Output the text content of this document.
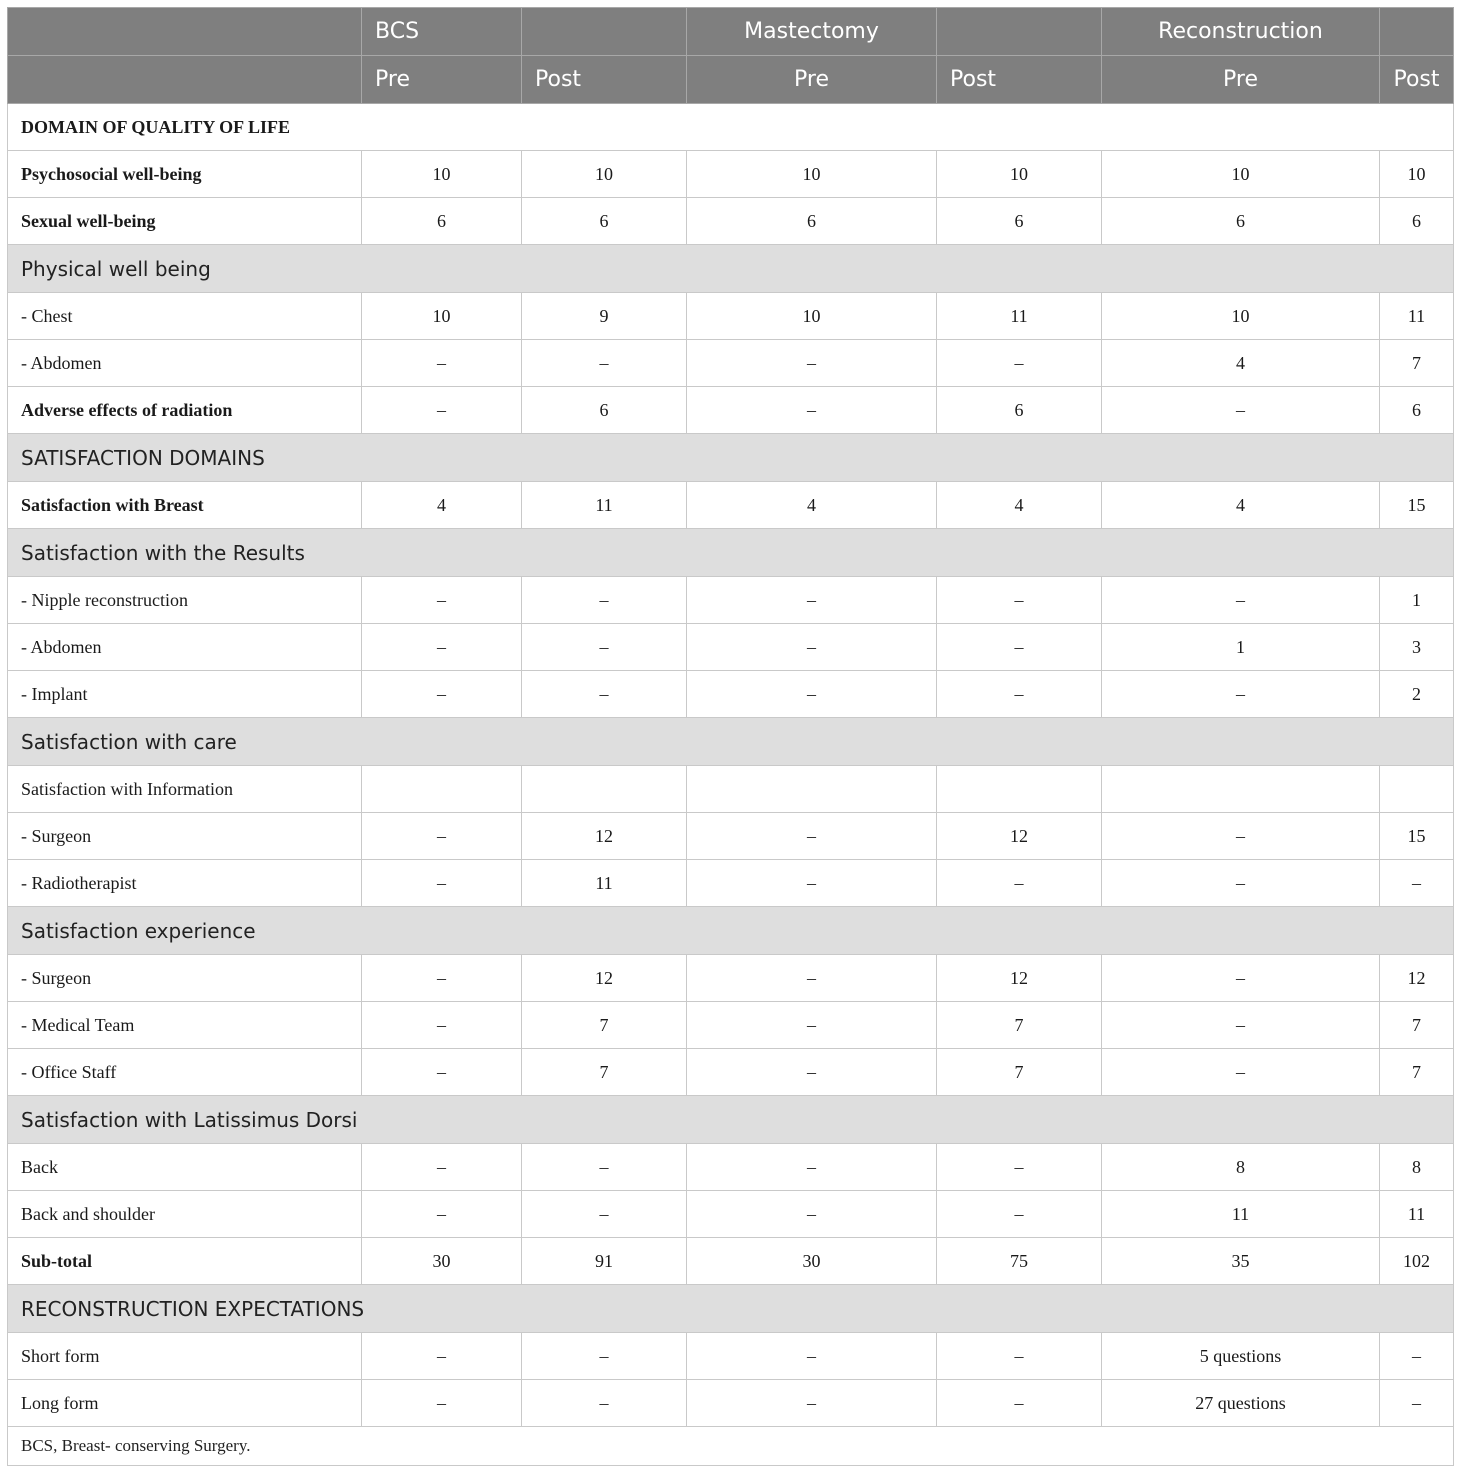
	BCS		Mastectomy		Reconstruction	
	Pre	Post	Pre	Post	Pre	Post
DOMAIN OF QUALITY OF LIFE						
Psychosocial well-being	10	10	10	10	10	10
Sexual well-being	6	6	6	6	6	6
Physical well being						
- Chest	10	9	10	11	10	11
- Abdomen	–	–	–	–	4	7
Adverse effects of radiation	–	6	–	6	–	6
SATISFACTION DOMAINS						
Satisfaction with Breast	4	11	4	4	4	15
Satisfaction with the Results						
- Nipple reconstruction	–	–	–	–	–	1
- Abdomen	–	–	–	–	1	3
- Implant	–	–	–	–	–	2
Satisfaction with care						
Satisfaction with Information						
- Surgeon	–	12	–	12	–	15
- Radiotherapist	–	11	–	–	–	–
Satisfaction experience						
- Surgeon	–	12	–	12	–	12
- Medical Team	–	7	–	7	–	7
- Office Staff	–	7	–	7	–	7
Satisfaction with Latissimus Dorsi						
Back	–	–	–	–	8	8
Back and shoulder	–	–	–	–	11	11
Sub-total	30	91	30	75	35	102
RECONSTRUCTION EXPECTATIONS						
Short form	–	–	–	–	5 questions	–
Long form	–	–	–	–	27 questions	–
BCS, Breast- conserving Surgery.						
